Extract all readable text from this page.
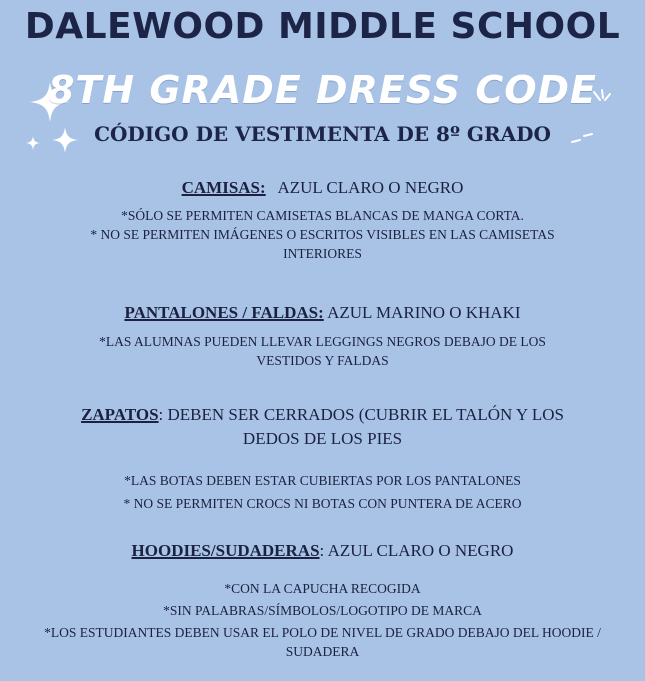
DALEWOOD MIDDLE SCHOOL
8TH GRADE DRESS CODE
CÓDIGO DE VESTIMENTA DE 8º GRADO
CAMISAS: AZUL CLARO O NEGRO
*SÓLO SE PERMITEN CAMISETAS BLANCAS DE MANGA CORTA.
* NO SE PERMITEN IMÁGENES O ESCRITOS VISIBLES EN LAS CAMISETAS
INTERIORES
PANTALONES / FALDAS: AZUL MARINO O KHAKI
*LAS ALUMNAS PUEDEN LLEVAR LEGGINGS NEGROS DEBAJO DE LOS
VESTIDOS Y FALDAS
ZAPATOS: DEBEN SER CERRADOS (CUBRIR EL TALÓN Y LOS
DEDOS DE LOS PIES
*LAS BOTAS DEBEN ESTAR CUBIERTAS POR LOS PANTALONES
* NO SE PERMITEN CROCS NI BOTAS CON PUNTERA DE ACERO
HOODIES/SUDADERAS: AZUL CLARO O NEGRO
*CON LA CAPUCHA RECOGIDA
*SIN PALABRAS/SÍMBOLOS/LOGOTIPO DE MARCA
*LOS ESTUDIANTES DEBEN USAR EL POLO DE NIVEL DE GRADO DEBAJO DEL HOODIE /
SUDADERA
